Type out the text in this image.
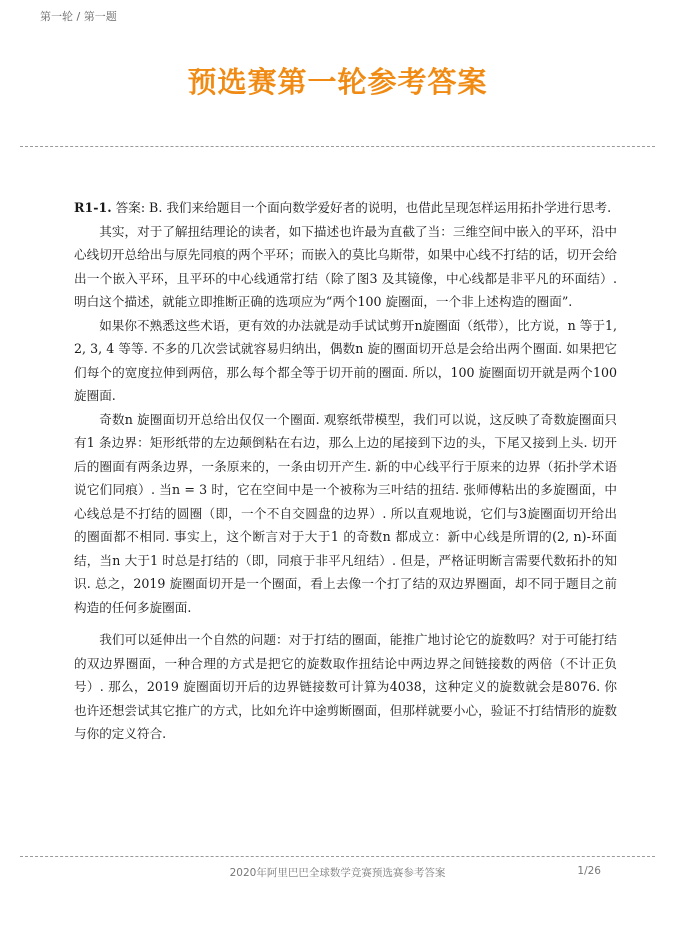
第一轮 / 第一题
预选赛第一轮参考答案

R1-1. 答案: B. 我们来给题目一个面向数学爱好者的说明，也借此呈现怎样运用拓扑学进行思考.

其实，对于了解扭结理论的读者，如下描述也许最为直截了当：三维空间中嵌入的平环，沿中心线切开总给出与原先同痕的两个平环；而嵌入的莫比乌斯带，如果中心线不打结的话，切开会给出一个嵌入平环，且平环的中心线通常打结（除了图3 及其镜像，中心线都是非平凡的环面结）.明白这个描述，就能立即推断正确的选项应为“两个100 旋圈面，一个非上述构造的圈面”.

如果你不熟悉这些术语，更有效的办法就是动手试试剪开n旋圈面（纸带），比方说，n 等于1, 2, 3, 4 等等. 不多的几次尝试就容易归纳出，偶数n 旋的圈面切开总是会给出两个圈面. 如果把它们每个的宽度拉伸到两倍，那么每个都全等于切开前的圈面. 所以，100 旋圈面切开就是两个100 旋圈面.

奇数n 旋圈面切开总给出仅仅一个圈面. 观察纸带模型，我们可以说，这反映了奇数旋圈面只有1 条边界：矩形纸带的左边颠倒粘在右边，那么上边的尾接到下边的头，下尾又接到上头. 切开后的圈面有两条边界，一条原来的，一条由切开产生. 新的中心线平行于原来的边界（拓扑学术语说它们同痕）. 当n = 3 时，它在空间中是一个被称为三叶结的扭结. 张师傅粘出的多旋圈面，中心线总是不打结的圆圈（即，一个不自交圆盘的边界）. 所以直观地说，它们与3旋圈面切开给出的圈面都不相同. 事实上，这个断言对于大于1 的奇数n 都成立：新中心线是所谓的(2, n)-环面结，当n 大于1 时总是打结的（即，同痕于非平凡纽结）. 但是，严格证明断言需要代数拓扑的知识. 总之，2019 旋圈面切开是一个圈面，看上去像一个打了结的双边界圈面，却不同于题目之前构造的任何多旋圈面.

我们可以延伸出一个自然的问题：对于打结的圈面，能推广地讨论它的旋数吗？对于可能打结的双边界圈面，一种合理的方式是把它的旋数取作扭结论中两边界之间链接数的两倍（不计正负号）. 那么，2019 旋圈面切开后的边界链接数可计算为4038，这种定义的旋数就会是8076. 你也许还想尝试其它推广的方式，比如允许中途剪断圈面，但那样就要小心，验证不打结情形的旋数与你的定义符合.

2020年阿里巴巴全球数学竞赛预选赛参考答案	1/26
